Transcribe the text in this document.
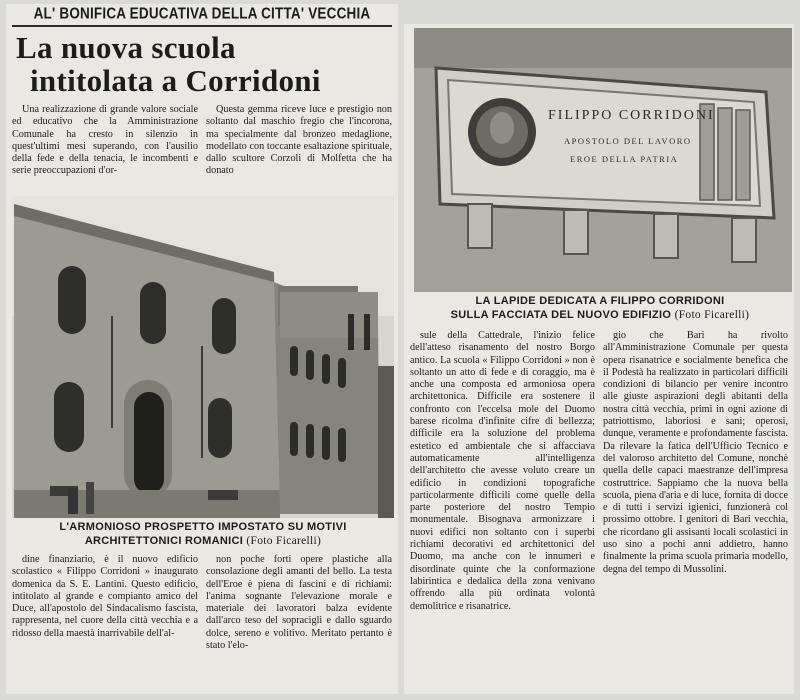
AL' BONIFICA EDUCATIVA DELLA CITTA' VECCHIA
La nuova scuola
intitolata a Corridoni

Una realizzazione di grande valore sociale ed educativo che la Amministrazione Comunale ha cresto in silenzio in quest'ultimi mesi superando, con l'ausilio della fede e della tenacia, le incombenti e serie preoccupazioni d'or-

Questa gemma riceve luce e prestigio non soltanto dal maschio fregio che l'incorona, ma specialmente dal bronzeo medaglione, modellato con toccante esaltazione spirituale, dallo scultore Corzoli di Molfetta che ha donato

L'ARMONIOSO PROSPETTO IMPOSTATO SU MOTIVI
ARCHITETTONICI ROMANICI (Foto Ficarelli)

dine finanziario, è il nuovo edificio scolastico « Filippo Corridoni » inaugurato domenica da S. E. Lantini. Questo edificio, intitolato al grande e compianto amico del Duce, all'apostolo del Sindacalismo fascista, rappresenta, nel cuore della città vecchia e a ridosso della maestà inarrivabile dell'al-

non poche forti opere plastiche alla consolazione degli amanti del bello. La testa dell'Eroe è piena di fascini e di richiami: l'anima sognante l'elevazione morale e materiale dei lavoratori balza evidente dall'arco teso del sopracigli e dallo sguardo dolce, sereno e volitivo. Meritato pertanto è stato l'elo-

FILIPPO CORRIDONI
APOSTOLO DEL LAVORO
EROE DELLA PATRIA
LA LAPIDE DEDICATA A FILIPPO CORRIDONI
SULLA FACCIATA DEL NUOVO EDIFIZIO (Foto Ficarelli)

sule della Cattedrale, l'inizio felice dell'atteso risanamento del nostro Borgo antico. La scuola « Filippo Corridoni » non è soltanto un atto di fede e di coraggio, ma è anche una composta ed armoniosa opera architettonica. Difficile era sostenere il confronto con l'eccelsa mole del Duomo barese ricolma d'infinite cifre di bellezza; difficile era la soluzione del problema estetico ed ambientale che si affacciava automaticamente all'intelligenza dell'architetto che avesse voluto creare un edificio in condizioni topografiche particolarmente difficili come quelle della parte posteriore del nostro Tempio monumentale. Bisognava armonizzare i nuovi edifici non soltanto con i superbi richiami decorativi ed architettonici del Duomo, ma anche con le innumeri e disordinate quinte che la conformazione labirintica e dedalica della zona venivano offrendo alla più ordinata volontà demolitrice e risanatrice.

gio che Bari ha rivolto all'Amministrazione Comunale per questa opera risanatrice e socialmente benefica che il Podestà ha realizzato in particolari difficili condizioni di bilancio per venire incontro alle giuste aspirazioni degli abitanti della nostra città vecchia, primi in ogni azione di patriottismo, laboriosi e sani; operosi, dunque, veramente e profondamente fascista. Da rilevare la fatica dell'Ufficio Tecnico e del valoroso architetto del Comune, nonchè quella delle capaci maestranze dell'impresa costruttrice. Sappiamo che la nuova bella scuola, piena d'aria e di luce, fornita di docce e di tutti i servizi igienici, funzionerà col prossimo ottobre. I genitori di Bari vecchia, che ricordano gli assisanti locali scolastici in uso sino a pochi anni addietro, hanno finalmente la prima scuola primaria modello, degna del tempo di Mussolini.
